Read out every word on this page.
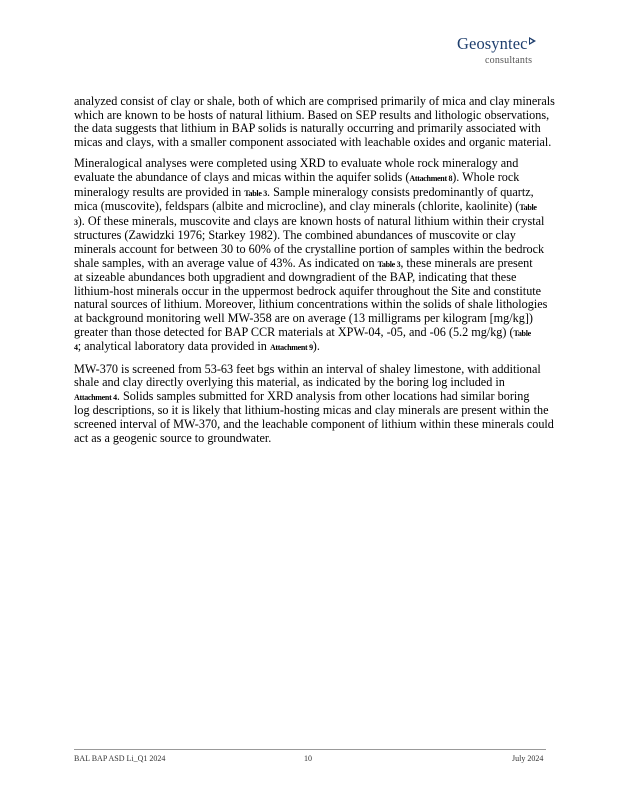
Geosyntec
consultants

analyzed consist of clay or shale, both of which are comprised primarily of mica and clay minerals
which are known to be hosts of natural lithium. Based on SEP results and lithologic observations,
the data suggests that lithium in BAP solids is naturally occurring and primarily associated with
micas and clays, with a smaller component associated with leachable oxides and organic material.

Mineralogical analyses were completed using XRD to evaluate whole rock mineralogy and
evaluate the abundance of clays and micas within the aquifer solids (Attachment 8). Whole rock
mineralogy results are provided in Table 3. Sample mineralogy consists predominantly of quartz,
mica (muscovite), feldspars (albite and microcline), and clay minerals (chlorite, kaolinite) (Table
3). Of these minerals, muscovite and clays are known hosts of natural lithium within their crystal
structures (Zawidzki 1976; Starkey 1982). The combined abundances of muscovite or clay
minerals account for between 30 to 60% of the crystalline portion of samples within the bedrock
shale samples, with an average value of 43%. As indicated on Table 3, these minerals are present
at sizeable abundances both upgradient and downgradient of the BAP, indicating that these
lithium-host minerals occur in the uppermost bedrock aquifer throughout the Site and constitute
natural sources of lithium. Moreover, lithium concentrations within the solids of shale lithologies
at background monitoring well MW-358 are on average (13 milligrams per kilogram [mg/kg])
greater than those detected for BAP CCR materials at XPW-04, -05, and -06 (5.2 mg/kg) (Table
4; analytical laboratory data provided in Attachment 9).

MW-370 is screened from 53-63 feet bgs within an interval of shaley limestone, with additional
shale and clay directly overlying this material, as indicated by the boring log included in
Attachment 4. Solids samples submitted for XRD analysis from other locations had similar boring
log descriptions, so it is likely that lithium-hosting micas and clay minerals are present within the
screened interval of MW-370, and the leachable component of lithium within these minerals could
act as a geogenic source to groundwater.

BAL BAP ASD Li_Q1 2024	10	July 2024
